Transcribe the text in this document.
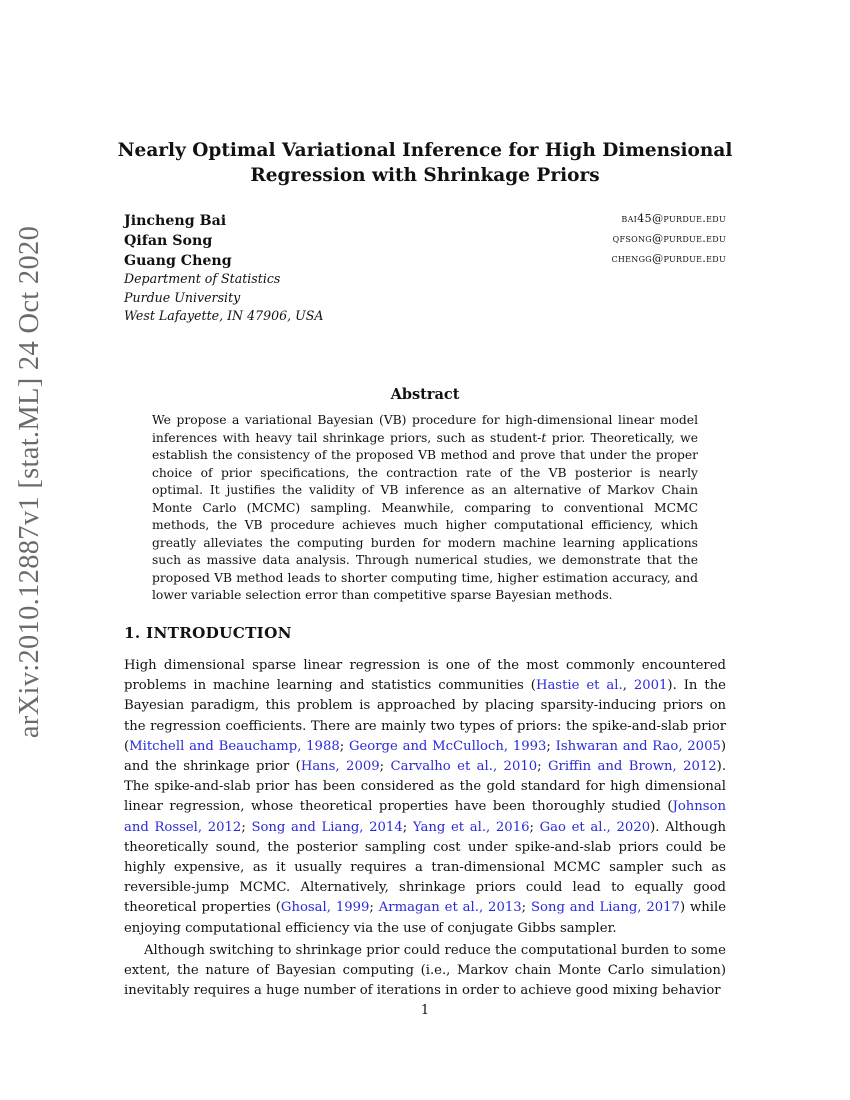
arXiv:2010.12887v1 [stat.ML] 24 Oct 2020
Nearly Optimal Variational Inference for High Dimensional
Regression with Shrinkage Priors
Jincheng Bai	bai45@purdue.edu
Qifan Song	qfsong@purdue.edu
Guang Cheng	chengg@purdue.edu
Department of Statistics
Purdue University
West Lafayette, IN 47906, USA
Abstract
We propose a variational Bayesian (VB) procedure for high-dimensional linear model inferences with heavy tail shrinkage priors, such as student-t prior. Theoretically, we establish the consistency of the proposed VB method and prove that under the proper choice of prior specifications, the contraction rate of the VB posterior is nearly optimal. It justifies the validity of VB inference as an alternative of Markov Chain Monte Carlo (MCMC) sampling. Meanwhile, comparing to conventional MCMC methods, the VB procedure achieves much higher computational efficiency, which greatly alleviates the computing burden for modern machine learning applications such as massive data analysis. Through numerical studies, we demonstrate that the proposed VB method leads to shorter computing time, higher estimation accuracy, and lower variable selection error than competitive sparse Bayesian methods.
1. INTRODUCTION

High dimensional sparse linear regression is one of the most commonly encountered problems in machine learning and statistics communities (Hastie et al., 2001). In the Bayesian paradigm, this problem is approached by placing sparsity-inducing priors on the regression coefficients. There are mainly two types of priors: the spike-and-slab prior (Mitchell and Beauchamp, 1988; George and McCulloch, 1993; Ishwaran and Rao, 2005) and the shrinkage prior (Hans, 2009; Carvalho et al., 2010; Griffin and Brown, 2012). The spike-and-slab prior has been considered as the gold standard for high dimensional linear regression, whose theoretical properties have been thoroughly studied (Johnson and Rossel, 2012; Song and Liang, 2014; Yang et al., 2016; Gao et al., 2020). Although theoretically sound, the posterior sampling cost under spike-and-slab priors could be highly expensive, as it usually requires a tran-dimensional MCMC sampler such as reversible-jump MCMC. Alternatively, shrinkage priors could lead to equally good theoretical properties (Ghosal, 1999; Armagan et al., 2013; Song and Liang, 2017) while enjoying computational efficiency via the use of conjugate Gibbs sampler.

Although switching to shrinkage prior could reduce the computational burden to some extent, the nature of Bayesian computing (i.e., Markov chain Monte Carlo simulation) inevitably requires a huge number of iterations in order to achieve good mixing behavior

1
